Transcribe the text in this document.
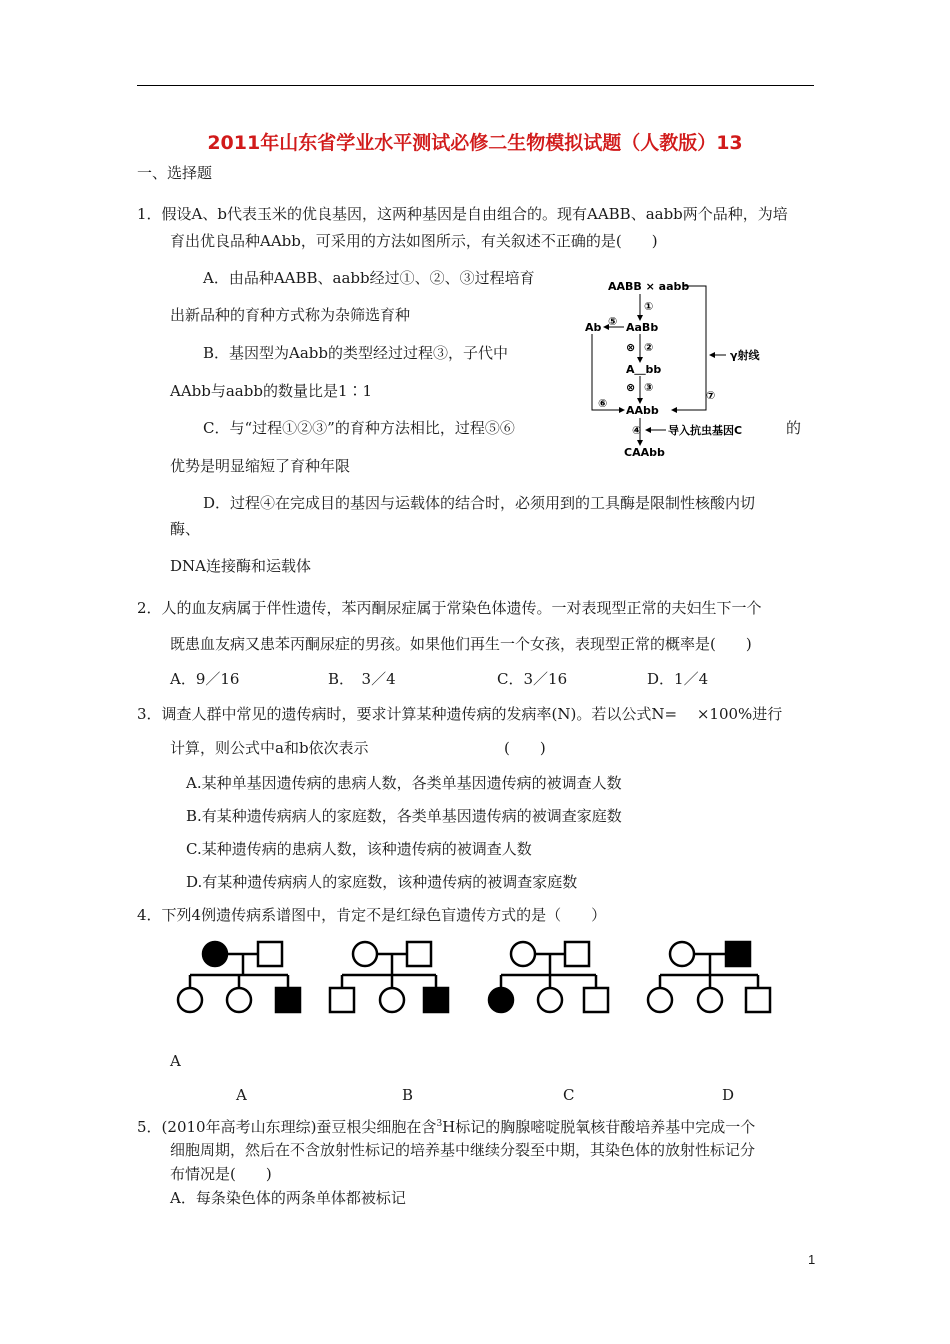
2011年山东省学业水平测试必修二生物模拟试题（人教版）13
一、选择题
1．假设A、b代表玉米的优良基因，这两种基因是自由组合的。现有AABB、aabb两个品种，为培
育出优良品种AAbb，可采用的方法如图所示，有关叙述不正确的是(　　)
A．由品种AABB、aabb经过①、②、③过程培育
出新品种的育种方式称为杂筛选育种
B．基因型为Aabb的类型经过过程③，子代中
AAbb与aabb的数量比是1∶1
C．与“过程①②③”的育种方法相比，过程⑤⑥	的
优势是明显缩短了育种年限
D．过程④在完成目的基因与运载体的结合时，必须用到的工具酶是限制性核酸内切
酶、
DNA连接酶和运载体
AABB × aabb
①
Ab ⑤ AaBb
⊗ ②
γ射线
A＿bb
⊗ ③
⑥
⑦
AAbb
④ 导入抗虫基因C
CAAbb
2．人的血友病属于伴性遗传，苯丙酮尿症属于常染色体遗传。一对表现型正常的夫妇生下一个
既患血友病又患苯丙酮尿症的男孩。如果他们再生一个女孩，表现型正常的概率是(　　)
A．9／16	B．　3／4	C．3／16	D．1／4
3．调查人群中常见的遗传病时，要求计算某种遗传病的发病率(N)。若以公式N=　 ×100%进行
计算，则公式中a和b依次表示	(　　)
A.某种单基因遗传病的患病人数，各类单基因遗传病的被调查人数
B.有某种遗传病病人的家庭数，各类单基因遗传病的被调查家庭数
C.某种遗传病的患病人数，该种遗传病的被调查人数
D.有某种遗传病病人的家庭数，该种遗传病的被调查家庭数
4．下列4例遗传病系谱图中，肯定不是红绿色盲遗传方式的是（　　）
A
A	B	C	D
5．(2010年高考山东理综)蚕豆根尖细胞在含$^3$H标记的胸腺嘧啶脱氧核苷酸培养基中完成一个
细胞周期，然后在不含放射性标记的培养基中继续分裂至中期，其染色体的放射性标记分
布情况是(　　)
A．每条染色体的两条单体都被标记
1
